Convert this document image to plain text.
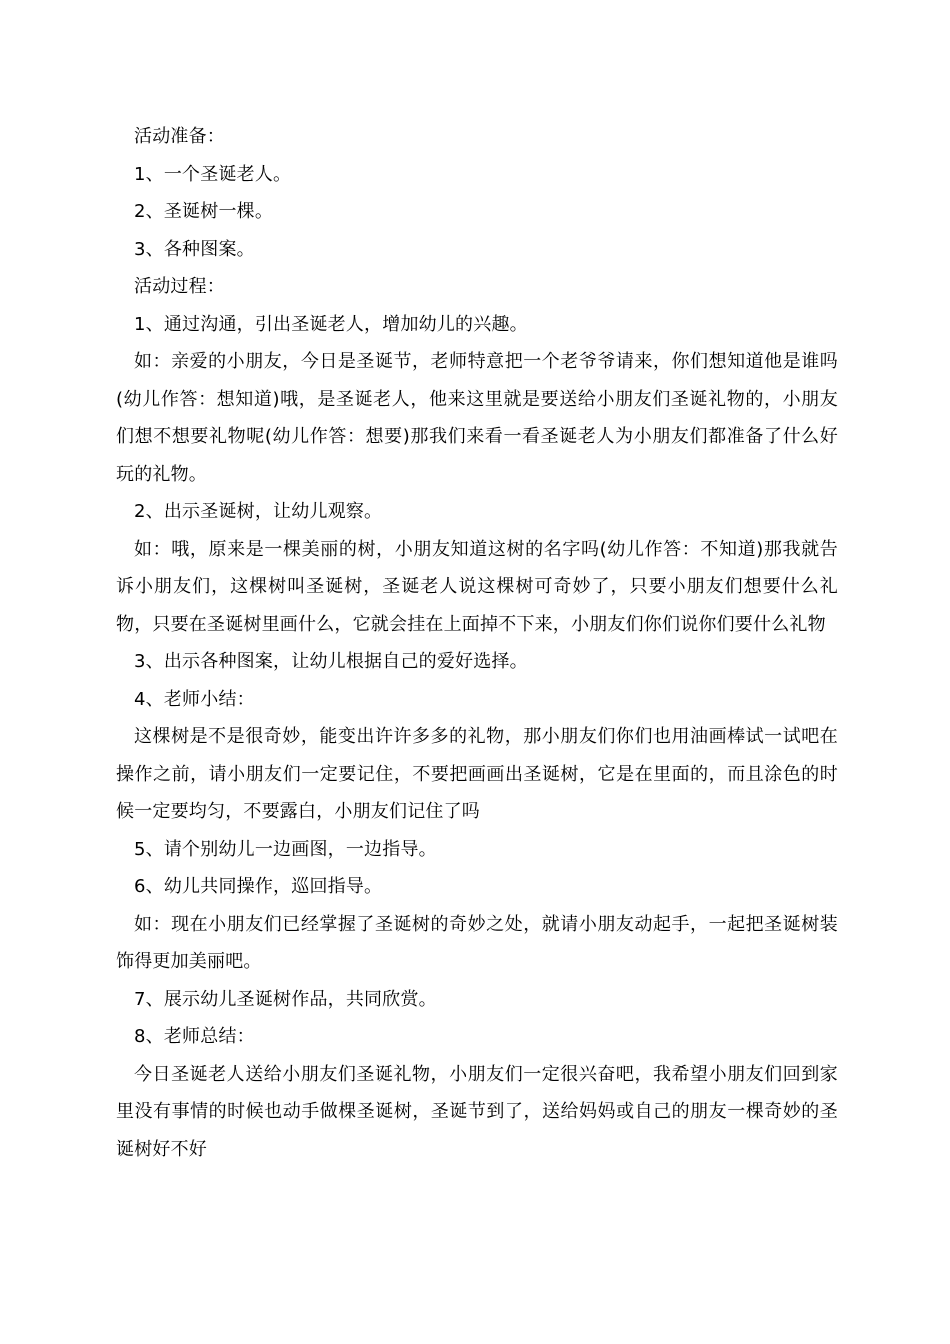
活动准备：

1、一个圣诞老人。

2、圣诞树一棵。

3、各种图案。

活动过程：

1、通过沟通，引出圣诞老人，增加幼儿的兴趣。

如：亲爱的小朋友，今日是圣诞节，老师特意把一个老爷爷请来，你们想知道他是谁吗(幼儿作答：想知道)哦，是圣诞老人，他来这里就是要送给小朋友们圣诞礼物的，小朋友们想不想要礼物呢(幼儿作答：想要)那我们来看一看圣诞老人为小朋友们都准备了什么好玩的礼物。

2、出示圣诞树，让幼儿观察。

如：哦，原来是一棵美丽的树，小朋友知道这树的名字吗(幼儿作答：不知道)那我就告诉小朋友们，这棵树叫圣诞树，圣诞老人说这棵树可奇妙了，只要小朋友们想要什么礼物，只要在圣诞树里画什么，它就会挂在上面掉不下来，小朋友们你们说你们要什么礼物

3、出示各种图案，让幼儿根据自己的爱好选择。

4、老师小结：

这棵树是不是很奇妙，能变出许许多多的礼物，那小朋友们你们也用油画棒试一试吧在操作之前，请小朋友们一定要记住，不要把画画出圣诞树，它是在里面的，而且涂色的时候一定要均匀，不要露白，小朋友们记住了吗

5、请个别幼儿一边画图，一边指导。

6、幼儿共同操作，巡回指导。

如：现在小朋友们已经掌握了圣诞树的奇妙之处，就请小朋友动起手，一起把圣诞树装饰得更加美丽吧。

7、展示幼儿圣诞树作品，共同欣赏。

8、老师总结：

今日圣诞老人送给小朋友们圣诞礼物，小朋友们一定很兴奋吧，我希望小朋友们回到家里没有事情的时候也动手做棵圣诞树，圣诞节到了，送给妈妈或自己的朋友一棵奇妙的圣诞树好不好
